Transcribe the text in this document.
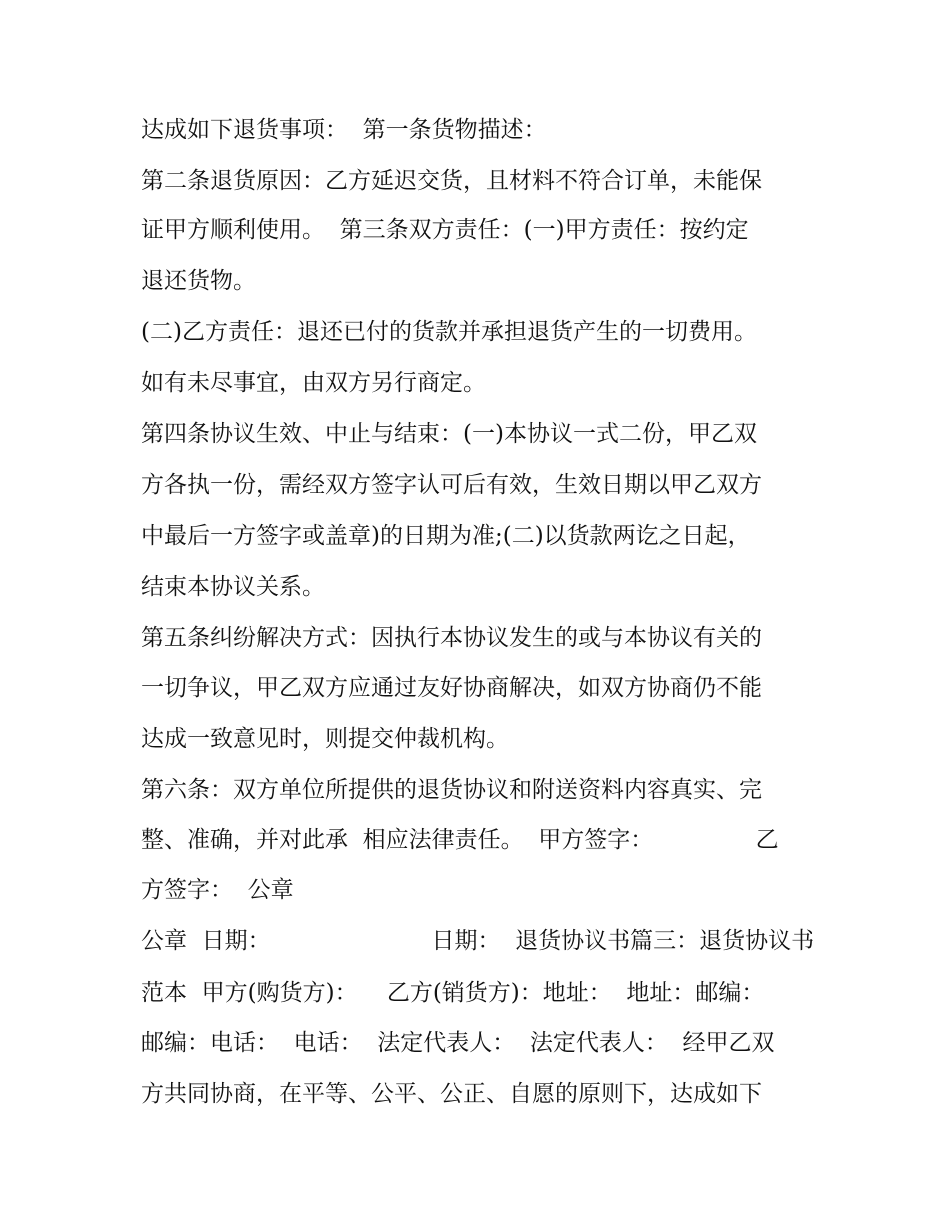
达成如下退货事项：  第一条货物描述：

第二条退货原因：乙方延迟交货，且材料不符合订单，未能保

证甲方顺利使用。  第三条双方责任：(一)甲方责任：按约定

退还货物。

(二)乙方责任：退还已付的货款并承担退货产生的一切费用。

如有未尽事宜，由双方另行商定。

第四条协议生效、中止与结束：(一)本协议一式二份，甲乙双

方各执一份，需经双方签字认可后有效，生效日期以甲乙双方

中最后一方签字或盖章)的日期为准;(二)以货款两讫之日起，

结束本协议关系。

第五条纠纷解决方式：因执行本协议发生的或与本协议有关的

一切争议，甲乙双方应通过友好协商解决，如双方协商仍不能

达成一致意见时，则提交仲裁机构。

第六条：双方单位所提供的退货协议和附送资料内容真实、完

整、准确，并对此承  相应法律责任。  甲方签字：              乙

方签字：  公章

公章  日期：                      日期：  退货协议书篇三：退货协议书

范本  甲方(购货方)：    乙方(销货方)：地址：  地址：邮编：

邮编：电话：  电话：  法定代表人：  法定代表人：  经甲乙双

方共同协商，在平等、公平、公正、自愿的原则下，达成如下
